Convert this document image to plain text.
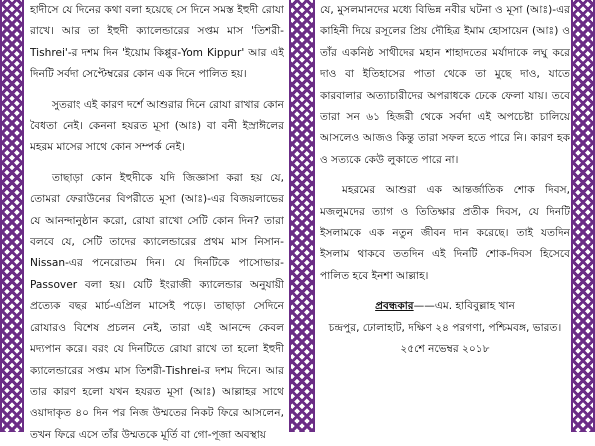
হাদীসে যে দিনের কথা বলা হয়েছে সে দিনে সমস্ত ইহুদী রোযা রাখে। আর তা ইহুদী ক্যালেন্ডারের সপ্তম মাস 'তিশরী-Tishrei'-র দশম দিন 'ইয়োম কিপ্পুর-Yom Kippur' আর এই দিনটি সর্বদা সেপ্টেম্বরের কোন এক দিনে পালিত হয়।

সুতরাং এই কারণ দর্শে আশুরার দিনে রোযা রাখার কোন বৈধতা নেই। কেননা হযরত মূসা (আঃ) বা বনী ইস্রাঈলের মহরম মাসের সাথে কোন সম্পর্ক নেই।

তাছাড়া কোন ইহুদীকে যদি জিজ্ঞাসা করা হয় যে, তোমরা ফেরাউনের বিপরীতে মূসা (আঃ)-এর বিজয়লাভের যে আনন্দানুষ্ঠান করো, রোযা রাখো সেটি কোন দিন? তারা বলবে যে, সেটি তাদের ক্যালেন্ডারের প্রথম মাস নিসান-Nissan-এর পনেরোতম দিন। যে দিনটিকে পাসোভার-Passover বলা হয়। যেটি ইংরাজী ক্যালেন্ডার অনুযায়ী প্রত্যেক বছর মার্চ-এপ্রিল মাসেই পড়ে। তাছাড়া সেদিনে রোযারও বিশেষ প্রচলন নেই, তারা এই আনন্দে কেবল মদ্যপান করে। বরং যে দিনটিতে রোযা রাখে তা হলো ইহুদী ক্যালেন্ডারের সপ্তম মাস তিশরী-Tishrei-র দশম দিনে। আর তার কারণ হলো যখন হযরত মূসা (আঃ) আল্লাহর সাথে ওয়াদাকৃত ৪০ দিন পর নিজ উম্মতের নিকট ফিরে আসলেন, তখন ফিরে এসে তাঁর উম্মতকে মূর্তি বা গো-পূজা অবস্থায়

যে, মুসলমানদের মধ্যে বিভিন্ন নবীর ঘটনা ও মূসা (আঃ)-এর কাহিনী দিয়ে রসূলের প্রিয় দৌহিত্র ইমাম হোসায়েন (আঃ) ও তাঁর একনিষ্ঠ সাথীদের মহান শাহাদতের মর্যাদাকে লঘু করে দাও বা ইতিহাসের পাতা থেকে তা মুছে দাও, যাতে কারবালার অত্যাচারীদের অপরাধকে ঢেকে ফেলা যায়। তবে তারা সন ৬১ হিজরী থেকে সর্বদা এই অপচেষ্টা চালিয়ে আসলেও আজও কিন্তু তারা সফল হতে পারে নি। কারণ হক ও সত্যকে কেউ লুকাতে পারে না।

মহরমের আশুরা এক আন্তর্জাতিক শোক দিবস, মজলুমদের ত্যাগ ও তিতিক্ষার প্রতীক দিবস, যে দিনটি ইসলামকে এক নতুন জীবন দান করেছে। তাই যতদিন ইসলাম থাকবে ততদিন এই দিনটি শোক-দিবস হিসেবে পালিত হবে ইনশা আল্লাহ।

প্রবন্ধকার——এম. হাবিবুল্লাহ খান

চন্দ্রপুর, ঢোলাহাট, দক্ষিণ ২৪ পরগণা, পশ্চিমবঙ্গ, ভারত।

২৫শে নভেম্বর ২০১৮
